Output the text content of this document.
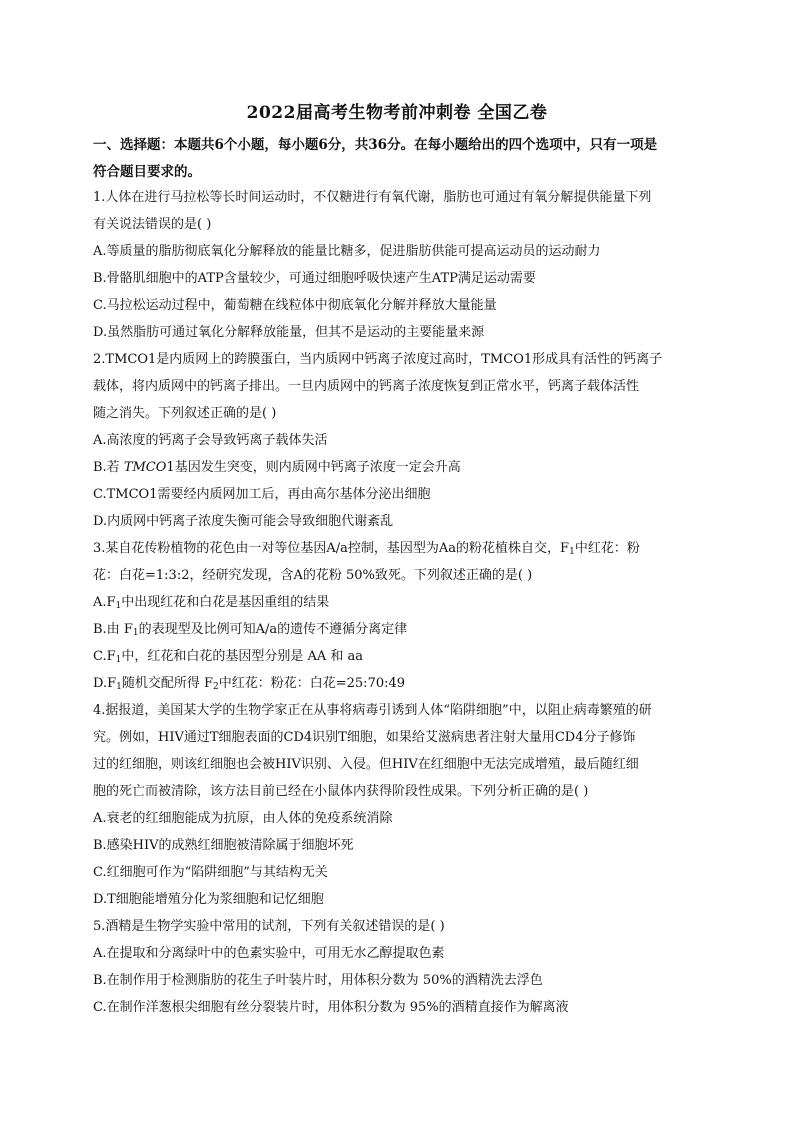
2022届高考生物考前冲刺卷 全国乙卷
一、选择题：本题共6个小题，每小题6分，共36分。在每小题给出的四个选项中，只有一项是
符合题目要求的。
1.人体在进行马拉松等长时间运动时，不仅糖进行有氧代谢，脂肪也可通过有氧分解提供能量下列
有关说法错误的是( )
A.等质量的脂肪彻底氧化分解释放的能量比糖多，促进脂肪供能可提高运动员的运动耐力
B.骨骼肌细胞中的ATP含量较少，可通过细胞呼吸快速产生ATP满足运动需要
C.马拉松运动过程中，葡萄糖在线粒体中彻底氧化分解并释放大量能量
D.虽然脂肪可通过氧化分解释放能量，但其不是运动的主要能量来源
2.TMCO1是内质网上的跨膜蛋白，当内质网中钙离子浓度过高时，TMCO1形成具有活性的钙离子
载体，将内质网中的钙离子排出。一旦内质网中的钙离子浓度恢复到正常水平，钙离子载体活性
随之消失。下列叙述正确的是( )
A.高浓度的钙离子会导致钙离子载体失活
B.若 TMCO1基因发生突变，则内质网中钙离子浓度一定会升高
C.TMCO1需要经内质网加工后，再由高尔基体分泌出细胞
D.内质网中钙离子浓度失衡可能会导致细胞代谢紊乱
3.某自花传粉植物的花色由一对等位基因A/a控制，基因型为Aa的粉花植株自交，$F_1$中红花：粉
花：白花=1:3:2，经研究发现，含A的花粉 50%致死。下列叙述正确的是( )
$A.F_1$中出现红花和白花是基因重组的结果
B.由 $F_1$的表现型及比例可知A/a的遗传不遵循分离定律
$C.F_1$中，红花和白花的基因型分别是 AA 和 aa
$D.F_1$随机交配所得 $F_2$中红花：粉花：白花=25:70:49
4.据报道，美国某大学的生物学家正在从事将病毒引诱到人体“陷阱细胞”中，以阻止病毒繁殖的研
究。例如，HIV通过T细胞表面的CD4识别T细胞，如果给艾滋病患者注射大量用CD4分子修饰
过的红细胞，则该红细胞也会被HIV识别、入侵。但HIV在红细胞中无法完成增殖，最后随红细
胞的死亡而被清除，该方法目前已经在小鼠体内获得阶段性成果。下列分析正确的是( )
A.衰老的红细胞能成为抗原，由人体的免疫系统消除
B.感染HIV的成熟红细胞被清除属于细胞坏死
C.红细胞可作为“陷阱细胞”与其结构无关
D.T细胞能增殖分化为浆细胞和记忆细胞
5.酒精是生物学实验中常用的试剂，下列有关叙述错误的是( )
A.在提取和分离绿叶中的色素实验中，可用无水乙醇提取色素
B.在制作用于检测脂肪的花生子叶装片时，用体积分数为 50%的酒精洗去浮色
C.在制作洋葱根尖细胞有丝分裂装片时，用体积分数为 95%的酒精直接作为解离液
